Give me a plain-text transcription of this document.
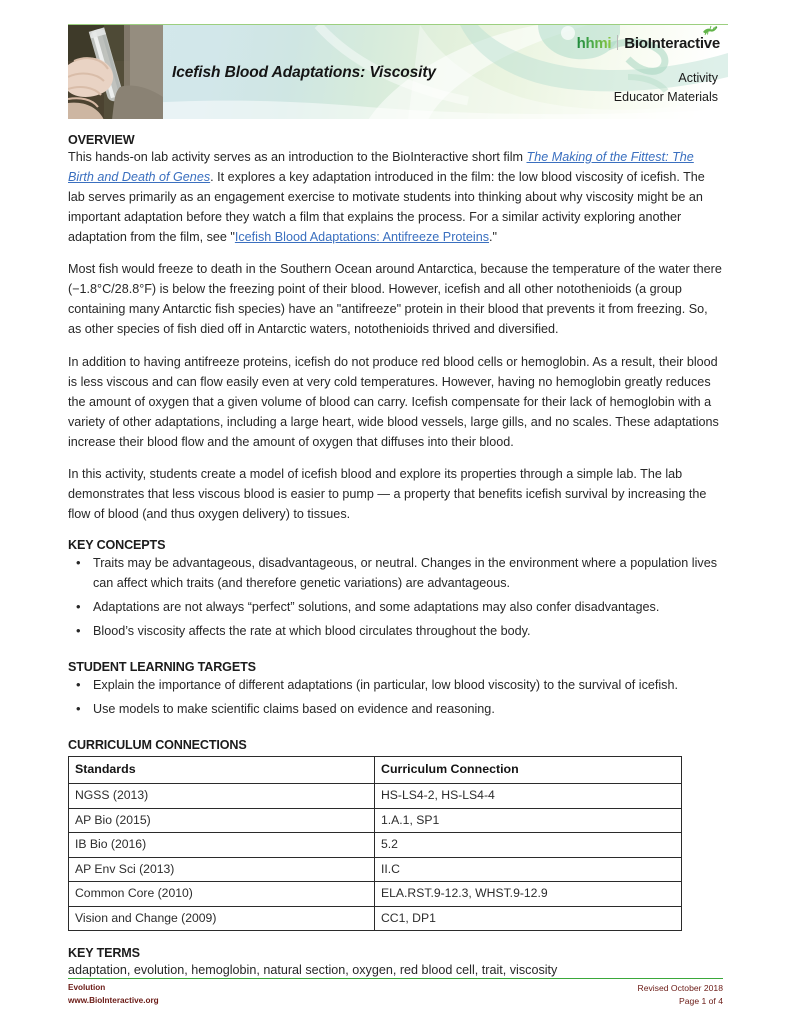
Icefish Blood Adaptations: Viscosity
hhmi BioInteractive
Activity
Educator Materials
OVERVIEW

This hands-on lab activity serves as an introduction to the BioInteractive short film The Making of the Fittest: The Birth and Death of Genes. It explores a key adaptation introduced in the film: the low blood viscosity of icefish. The lab serves primarily as an engagement exercise to motivate students into thinking about why viscosity might be an important adaptation before they watch a film that explains the process. For a similar activity exploring another adaptation from the film, see "Icefish Blood Adaptations: Antifreeze Proteins."

Most fish would freeze to death in the Southern Ocean around Antarctica, because the temperature of the water there (−1.8°C/28.8°F) is below the freezing point of their blood. However, icefish and all other notothenioids (a group containing many Antarctic fish species) have an "antifreeze" protein in their blood that prevents it from freezing. So, as other species of fish died off in Antarctic waters, notothenioids thrived and diversified.

In addition to having antifreeze proteins, icefish do not produce red blood cells or hemoglobin. As a result, their blood is less viscous and can flow easily even at very cold temperatures. However, having no hemoglobin greatly reduces the amount of oxygen that a given volume of blood can carry. Icefish compensate for their lack of hemoglobin with a variety of other adaptations, including a large heart, wide blood vessels, large gills, and no scales. These adaptations increase their blood flow and the amount of oxygen that diffuses into their blood.

In this activity, students create a model of icefish blood and explore its properties through a simple lab. The lab demonstrates that less viscous blood is easier to pump — a property that benefits icefish survival by increasing the flow of blood (and thus oxygen delivery) to tissues.

KEY CONCEPTS
• Traits may be advantageous, disadvantageous, or neutral. Changes in the environment where a population lives can affect which traits (and therefore genetic variations) are advantageous.
• Adaptations are not always “perfect” solutions, and some adaptations may also confer disadvantages.
• Blood’s viscosity affects the rate at which blood circulates throughout the body.
STUDENT LEARNING TARGETS
• Explain the importance of different adaptations (in particular, low blood viscosity) to the survival of icefish.
• Use models to make scientific claims based on evidence and reasoning.
CURRICULUM CONNECTIONS
Standards	Curriculum Connection
NGSS (2013)	HS-LS4-2, HS-LS4-4
AP Bio (2015)	1.A.1, SP1
IB Bio (2016)	5.2
AP Env Sci (2013)	II.C
Common Core (2010)	ELA.RST.9-12.3, WHST.9-12.9
Vision and Change (2009)	CC1, DP1
KEY TERMS

adaptation, evolution, hemoglobin, natural section, oxygen, red blood cell, trait, viscosity

Evolution
www.BioInteractive.org
Revised October 2018
Page 1 of 4
